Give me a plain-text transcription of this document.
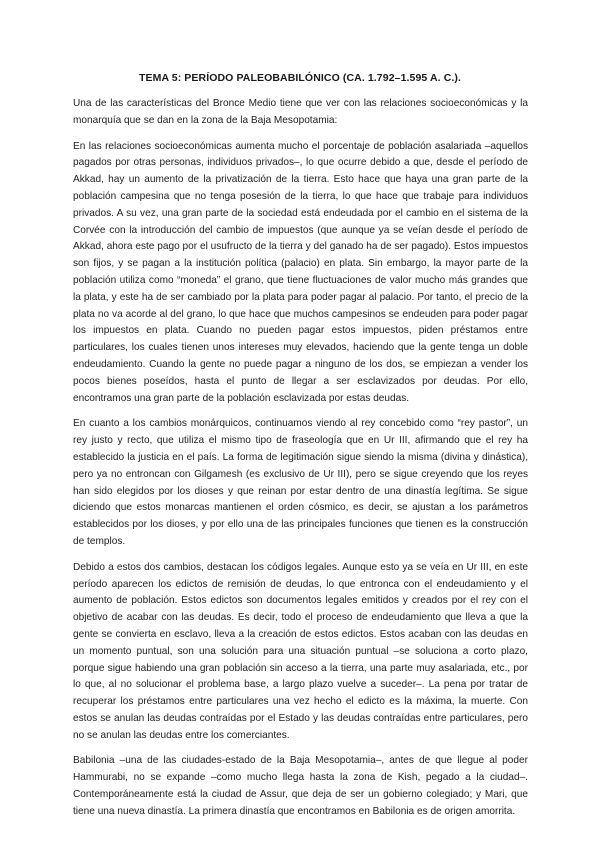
TEMA 5: PERÍODO PALEOBABILÓNICO (CA. 1.792–1.595 A. C.).

Una de las características del Bronce Medio tiene que ver con las relaciones socioeconómicas y la monarquía que se dan en la zona de la Baja Mesopotamia:

En las relaciones socioeconómicas aumenta mucho el porcentaje de población asalariada –aquellos pagados por otras personas, individuos privados–, lo que ocurre debido a que, desde el período de Akkad, hay un aumento de la privatización de la tierra. Esto hace que haya una gran parte de la población campesina que no tenga posesión de la tierra, lo que hace que trabaje para individuos privados. A su vez, una gran parte de la sociedad está endeudada por el cambio en el sistema de la Corvée con la introducción del cambio de impuestos (que aunque ya se veían desde el período de Akkad, ahora este pago por el usufructo de la tierra y del ganado ha de ser pagado). Estos impuestos son fijos, y se pagan a la institución política (palacio) en plata. Sin embargo, la mayor parte de la población utiliza como “moneda” el grano, que tiene fluctuaciones de valor mucho más grandes que la plata, y este ha de ser cambiado por la plata para poder pagar al palacio. Por tanto, el precio de la plata no va acorde al del grano, lo que hace que muchos campesinos se endeuden para poder pagar los impuestos en plata. Cuando no pueden pagar estos impuestos, piden préstamos entre particulares, los cuales tienen unos intereses muy elevados, haciendo que la gente tenga un doble endeudamiento. Cuando la gente no puede pagar a ninguno de los dos, se empiezan a vender los pocos bienes poseídos, hasta el punto de llegar a ser esclavizados por deudas. Por ello, encontramos una gran parte de la población esclavizada por estas deudas.

En cuanto a los cambios monárquicos, continuamos viendo al rey concebido como “rey pastor”, un rey justo y recto, que utiliza el mismo tipo de fraseología que en Ur III, afirmando que el rey ha establecido la justicia en el país. La forma de legitimación sigue siendo la misma (divina y dinástica), pero ya no entroncan con Gilgamesh (es exclusivo de Ur III), pero se sigue creyendo que los reyes han sido elegidos por los dioses y que reinan por estar dentro de una dinastía legítima. Se sigue diciendo que estos monarcas mantienen el orden cósmico, es decir, se ajustan a los parámetros establecidos por los dioses, y por ello una de las principales funciones que tienen es la construcción de templos.

Debido a estos dos cambios, destacan los códigos legales. Aunque esto ya se veía en Ur III, en este período aparecen los edictos de remisión de deudas, lo que entronca con el endeudamiento y el aumento de población. Estos edictos son documentos legales emitidos y creados por el rey con el objetivo de acabar con las deudas. Es decir, todo el proceso de endeudamiento que lleva a que la gente se convierta en esclavo, lleva a la creación de estos edictos. Estos acaban con las deudas en un momento puntual, son una solución para una situación puntual –se soluciona a corto plazo, porque sigue habiendo una gran población sin acceso a la tierra, una parte muy asalariada, etc., por lo que, al no solucionar el problema base, a largo plazo vuelve a suceder–. La pena por tratar de recuperar los préstamos entre particulares una vez hecho el edicto es la máxima, la muerte. Con estos se anulan las deudas contraídas por el Estado y las deudas contraídas entre particulares, pero no se anulan las deudas entre los comerciantes.

Babilonia –una de las ciudades-estado de la Baja Mesopotamia–, antes de que llegue al poder Hammurabi, no se expande –como mucho llega hasta la zona de Kish, pegado a la ciudad–. Contemporáneamente está la ciudad de Assur, que deja de ser un gobierno colegiado; y Mari, que tiene una nueva dinastía. La primera dinastía que encontramos en Babilonia es de origen amorrita.
